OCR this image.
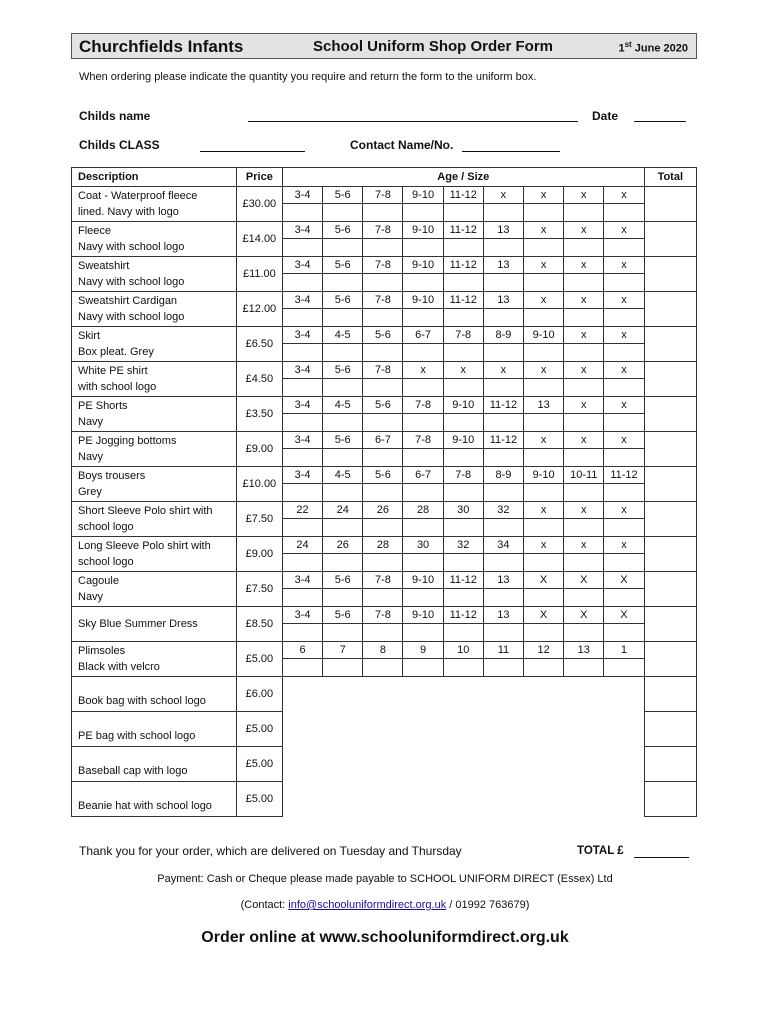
Churchfields Infants	School Uniform Shop Order Form	1st June 2020
When ordering please indicate the quantity you require and return the form to the uniform box.
Childs name	Date
Childs CLASS	Contact Name/No.
Description	Price	Age / Size									Total

Coat - Waterproof fleece
lined. Navy with logo	£30.00	3-4	5-6	7-8	9-10	11-12	x	x	x	x	

Fleece
Navy with school logo	£14.00	3-4	5-6	7-8	9-10	11-12	13	x	x	x	

Sweatshirt
Navy with school logo	£11.00	3-4	5-6	7-8	9-10	11-12	13	x	x	x	

Sweatshirt Cardigan
Navy with school logo	£12.00	3-4	5-6	7-8	9-10	11-12	13	x	x	x	

Skirt
Box pleat. Grey	£6.50	3-4	4-5	5-6	6-7	7-8	8-9	9-10	x	x	

White PE shirt
with school logo	£4.50	3-4	5-6	7-8	x	x	x	x	x	x	

PE Shorts
Navy	£3.50	3-4	4-5	5-6	7-8	9-10	11-12	13	x	x	

PE Jogging bottoms
Navy	£9.00	3-4	5-6	6-7	7-8	9-10	11-12	x	x	x	

Boys trousers
Grey	£10.00	3-4	4-5	5-6	6-7	7-8	8-9	9-10	10-11	11-12	

Short Sleeve Polo shirt with
school logo	£7.50	22	24	26	28	30	32	x	x	x	

Long Sleeve Polo shirt with
school logo	£9.00	24	26	28	30	32	34	x	x	x	

Cagoule
Navy	£7.50	3-4	5-6	7-8	9-10	11-12	13	X	X	X	

Sky Blue Summer Dress	£8.50	3-4	5-6	7-8	9-10	11-12	13	X	X	X	

Plimsoles
Black with velcro	£5.00	6	7	8	9	10	11	12	13	1	

Book bag with school logo	£6.00										
PE bag with school logo	£5.00										
Baseball cap with logo	£5.00										
Beanie hat with school logo	£5.00										
Thank you for your order, which are delivered on Tuesday and Thursday	TOTAL £
Payment: Cash or Cheque please made payable to SCHOOL UNIFORM DIRECT (Essex) Ltd
(Contact: info@schooluniformdirect.org.uk / 01992 763679)
Order online at www.schooluniformdirect.org.uk
